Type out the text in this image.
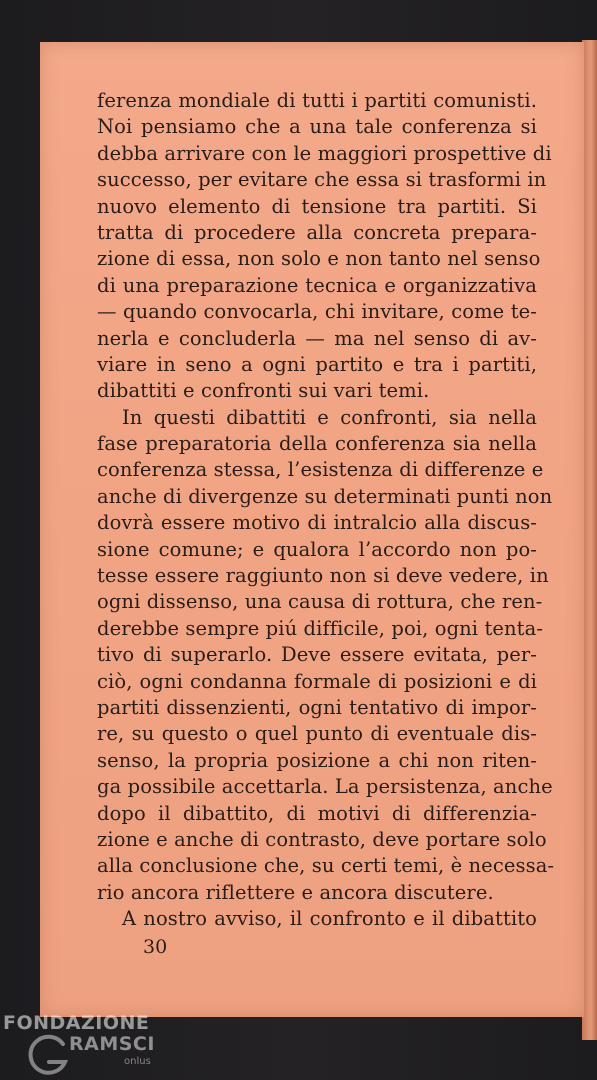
ferenza mondiale di tutti i partiti comunisti.
Noi pensiamo che a una tale conferenza si
debba arrivare con le maggiori prospettive di
successo, per evitare che essa si trasformi in
nuovo elemento di tensione tra partiti. Si
tratta di procedere alla concreta prepara-
zione di essa, non solo e non tanto nel senso
di una preparazione tecnica e organizzativa
— quando convocarla, chi invitare, come te-
nerla e concluderla — ma nel senso di av-
viare in seno a ogni partito e tra i partiti,
dibattiti e confronti sui vari temi.
In questi dibattiti e confronti, sia nella
fase preparatoria della conferenza sia nella
conferenza stessa, l’esistenza di differenze e
anche di divergenze su determinati punti non
dovrà essere motivo di intralcio alla discus-
sione comune; e qualora l’accordo non po-
tesse essere raggiunto non si deve vedere, in
ogni dissenso, una causa di rottura, che ren-
derebbe sempre piú difficile, poi, ogni tenta-
tivo di superarlo. Deve essere evitata, per-
ciò, ogni condanna formale di posizioni e di
partiti dissenzienti, ogni tentativo di impor-
re, su questo o quel punto di eventuale dis-
senso, la propria posizione a chi non riten-
ga possibile accettarla. La persistenza, anche
dopo il dibattito, di motivi di differenzia-
zione e anche di contrasto, deve portare solo
alla conclusione che, su certi temi, è necessa-
rio ancora riflettere e ancora discutere.
A nostro avviso, il confronto e il dibattito
30
FONDAZIONE
RAMSCI
onlus
